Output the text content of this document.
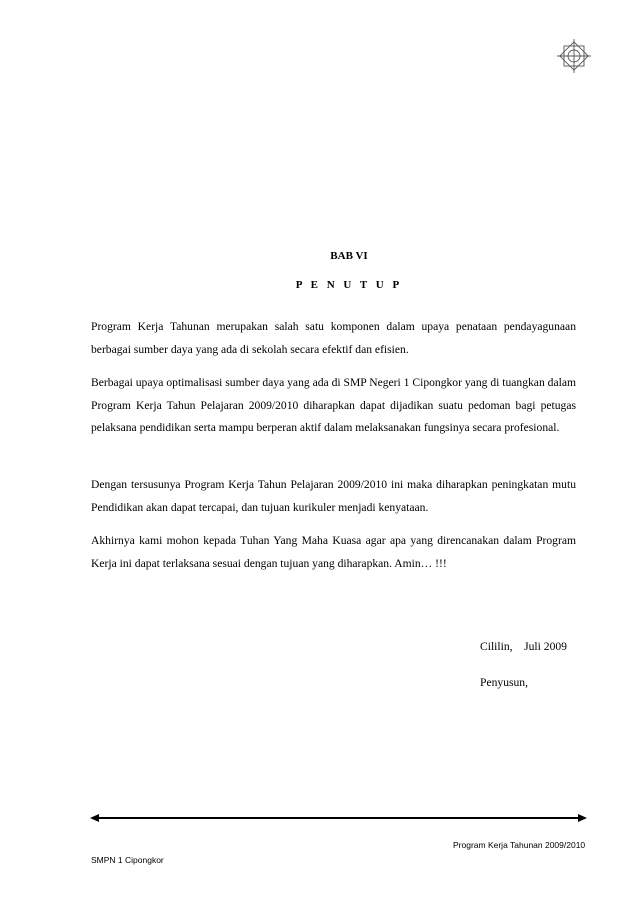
BAB VI
P E N U T U P

Program Kerja Tahunan merupakan salah satu komponen dalam upaya penataan pendayagunaan berbagai sumber daya yang ada di sekolah secara efektif dan efisien.

Berbagai upaya optimalisasi sumber daya yang ada di SMP Negeri 1 Cipongkor yang di tuangkan dalam Program Kerja Tahun Pelajaran 2009/2010 diharapkan dapat dijadikan suatu pedoman bagi petugas pelaksana pendidikan serta mampu berperan aktif dalam melaksanakan fungsinya secara profesional.

Dengan tersusunya Program Kerja Tahun Pelajaran 2009/2010 ini maka diharapkan peningkatan mutu Pendidikan akan dapat tercapai, dan tujuan kurikuler menjadi kenyataan.

Akhirnya kami mohon kepada Tuhan Yang Maha Kuasa agar apa yang direncanakan dalam Program Kerja ini dapat terlaksana sesuai dengan tujuan yang diharapkan. Amin… !!!

Cililin,    Juli 2009
Penyusun,
Program Kerja Tahunan 2009/2010
SMPN 1 Cipongkor
